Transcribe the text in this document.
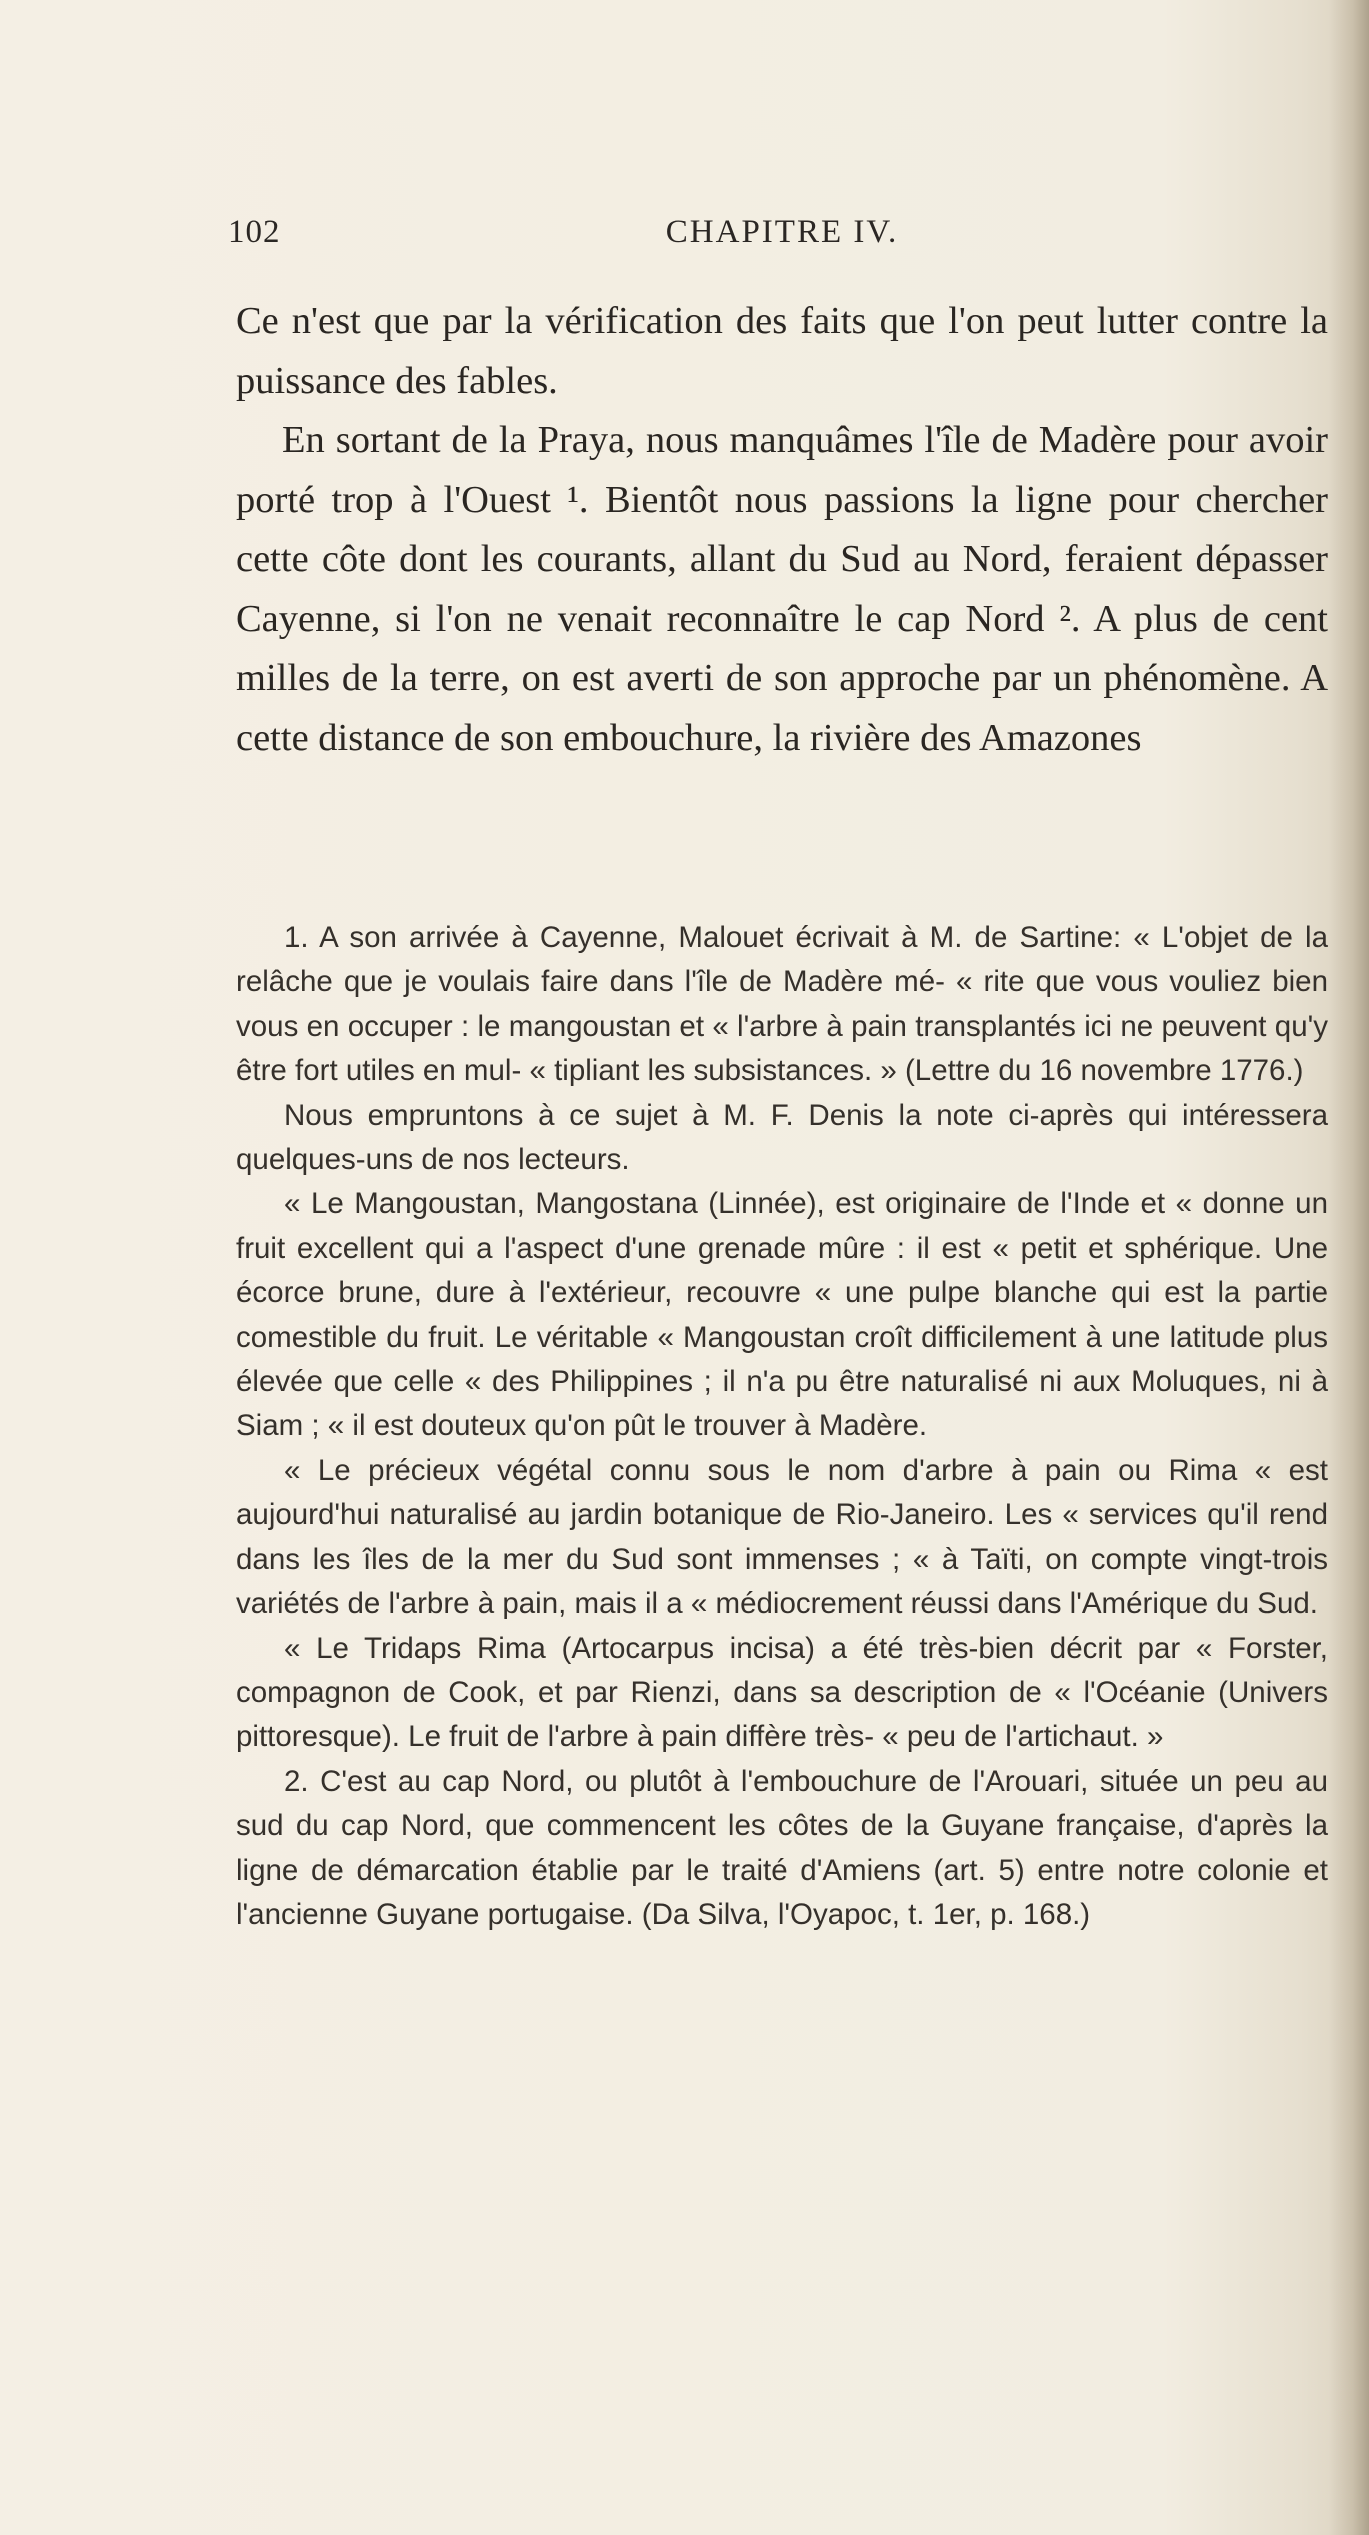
102	CHAPITRE IV.

Ce n'est que par la vérification des faits que l'on peut lutter contre la puissance des fables.

En sortant de la Praya, nous manquâmes l'île de Madère pour avoir porté trop à l'Ouest ¹. Bientôt nous passions la ligne pour chercher cette côte dont les courants, allant du Sud au Nord, feraient dépasser Cayenne, si l'on ne venait reconnaître le cap Nord ². A plus de cent milles de la terre, on est averti de son approche par un phénomène. A cette distance de son embouchure, la rivière des Amazones

1. A son arrivée à Cayenne, Malouet écrivait à M. de Sartine: « L'objet de la relâche que je voulais faire dans l'île de Madère mé- « rite que vous vouliez bien vous en occuper : le mangoustan et « l'arbre à pain transplantés ici ne peuvent qu'y être fort utiles en mul- « tipliant les subsistances. » (Lettre du 16 novembre 1776.)

Nous empruntons à ce sujet à M. F. Denis la note ci-après qui intéressera quelques-uns de nos lecteurs.

« Le Mangoustan, Mangostana (Linnée), est originaire de l'Inde et « donne un fruit excellent qui a l'aspect d'une grenade mûre : il est « petit et sphérique. Une écorce brune, dure à l'extérieur, recouvre « une pulpe blanche qui est la partie comestible du fruit. Le véritable « Mangoustan croît difficilement à une latitude plus élevée que celle « des Philippines ; il n'a pu être naturalisé ni aux Moluques, ni à Siam ; « il est douteux qu'on pût le trouver à Madère.

« Le précieux végétal connu sous le nom d'arbre à pain ou Rima « est aujourd'hui naturalisé au jardin botanique de Rio-Janeiro. Les « services qu'il rend dans les îles de la mer du Sud sont immenses ; « à Taïti, on compte vingt-trois variétés de l'arbre à pain, mais il a « médiocrement réussi dans l'Amérique du Sud.

« Le Tridaps Rima (Artocarpus incisa) a été très-bien décrit par « Forster, compagnon de Cook, et par Rienzi, dans sa description de « l'Océanie (Univers pittoresque). Le fruit de l'arbre à pain diffère très- « peu de l'artichaut. »

2. C'est au cap Nord, ou plutôt à l'embouchure de l'Arouari, située un peu au sud du cap Nord, que commencent les côtes de la Guyane française, d'après la ligne de démarcation établie par le traité d'Amiens (art. 5) entre notre colonie et l'ancienne Guyane portugaise. (Da Silva, l'Oyapoc, t. 1er, p. 168.)
